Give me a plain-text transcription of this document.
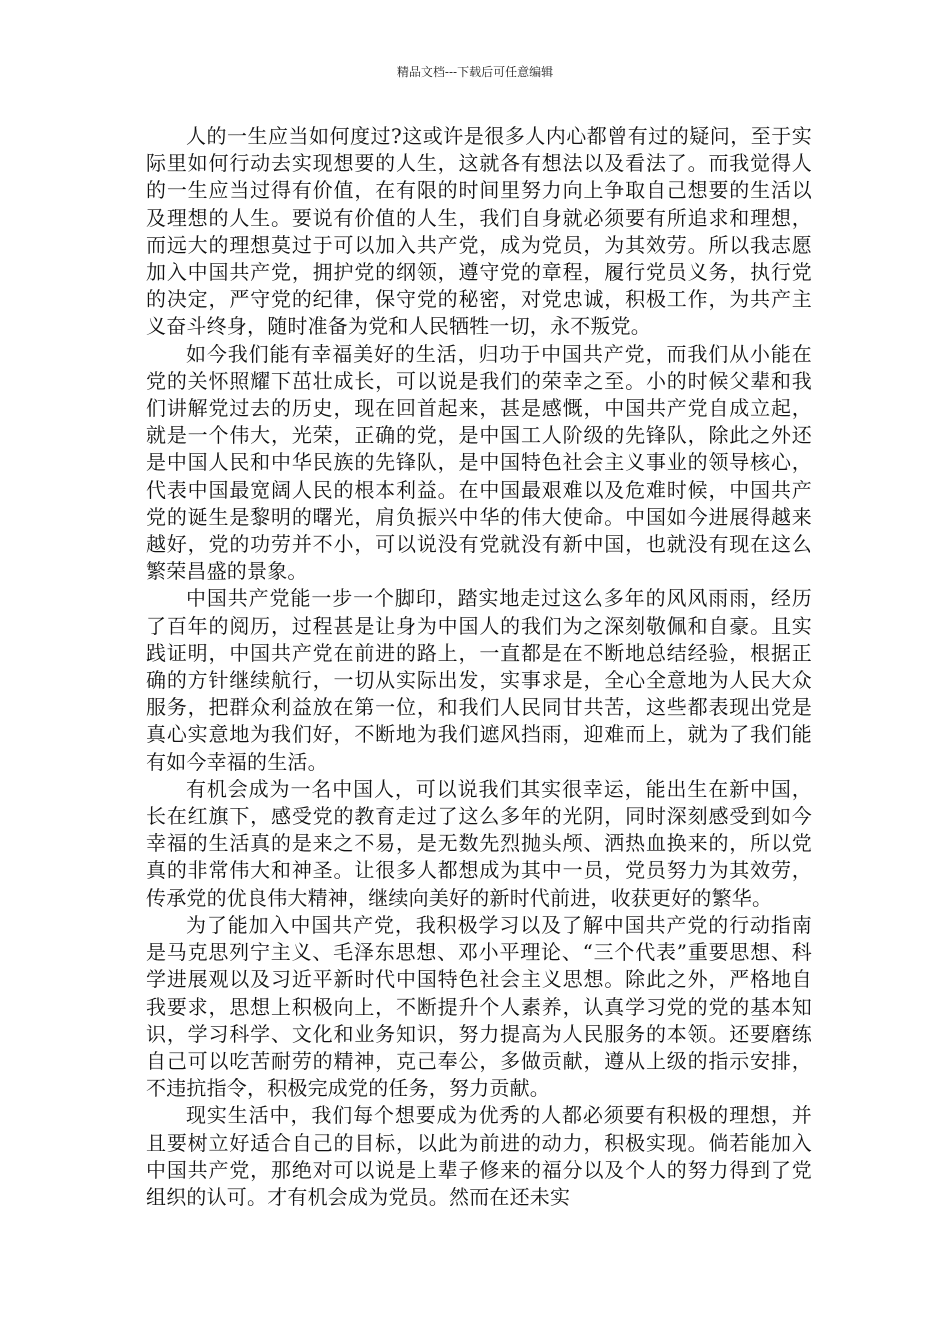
精品文档---下载后可任意编辑

人的一生应当如何度过?这或许是很多人内心都曾有过的疑问，至于实际里如何行动去实现想要的人生，这就各有想法以及看法了。而我觉得人的一生应当过得有价值，在有限的时间里努力向上争取自己想要的生活以及理想的人生。要说有价值的人生，我们自身就必须要有所追求和理想，而远大的理想莫过于可以加入共产党，成为党员，为其效劳。所以我志愿加入中国共产党，拥护党的纲领，遵守党的章程，履行党员义务，执行党的决定，严守党的纪律，保守党的秘密，对党忠诚，积极工作，为共产主义奋斗终身，随时准备为党和人民牺牲一切，永不叛党。

如今我们能有幸福美好的生活，归功于中国共产党，而我们从小能在党的关怀照耀下茁壮成长，可以说是我们的荣幸之至。小的时候父辈和我们讲解党过去的历史，现在回首起来，甚是感慨，中国共产党自成立起，就是一个伟大，光荣，正确的党，是中国工人阶级的先锋队，除此之外还是中国人民和中华民族的先锋队，是中国特色社会主义事业的领导核心，代表中国最宽阔人民的根本利益。在中国最艰难以及危难时候，中国共产党的诞生是黎明的曙光，肩负振兴中华的伟大使命。中国如今进展得越来越好，党的功劳并不小，可以说没有党就没有新中国，也就没有现在这么繁荣昌盛的景象。

中国共产党能一步一个脚印，踏实地走过这么多年的风风雨雨，经历了百年的阅历，过程甚是让身为中国人的我们为之深刻敬佩和自豪。且实践证明，中国共产党在前进的路上，一直都是在不断地总结经验，根据正确的方针继续航行，一切从实际出发，实事求是，全心全意地为人民大众服务，把群众利益放在第一位，和我们人民同甘共苦，这些都表现出党是真心实意地为我们好，不断地为我们遮风挡雨，迎难而上，就为了我们能有如今幸福的生活。

有机会成为一名中国人，可以说我们其实很幸运，能出生在新中国，长在红旗下，感受党的教育走过了这么多年的光阴，同时深刻感受到如今幸福的生活真的是来之不易，是无数先烈抛头颅、洒热血换来的，所以党真的非常伟大和神圣。让很多人都想成为其中一员，党员努力为其效劳，传承党的优良伟大精神，继续向美好的新时代前进，收获更好的繁华。

为了能加入中国共产党，我积极学习以及了解中国共产党的行动指南是马克思列宁主义、毛泽东思想、邓小平理论、“三个代表”重要思想、科学进展观以及习近平新时代中国特色社会主义思想。除此之外，严格地自我要求，思想上积极向上，不断提升个人素养，认真学习党的党的基本知识，学习科学、文化和业务知识，努力提高为人民服务的本领。还要磨练自己可以吃苦耐劳的精神，克己奉公，多做贡献，遵从上级的指示安排，不违抗指令，积极完成党的任务，努力贡献。

现实生活中，我们每个想要成为优秀的人都必须要有积极的理想，并且要树立好适合自己的目标，以此为前进的动力，积极实现。倘若能加入中国共产党，那绝对可以说是上辈子修来的福分以及个人的努力得到了党组织的认可。才有机会成为党员。然而在还未实
